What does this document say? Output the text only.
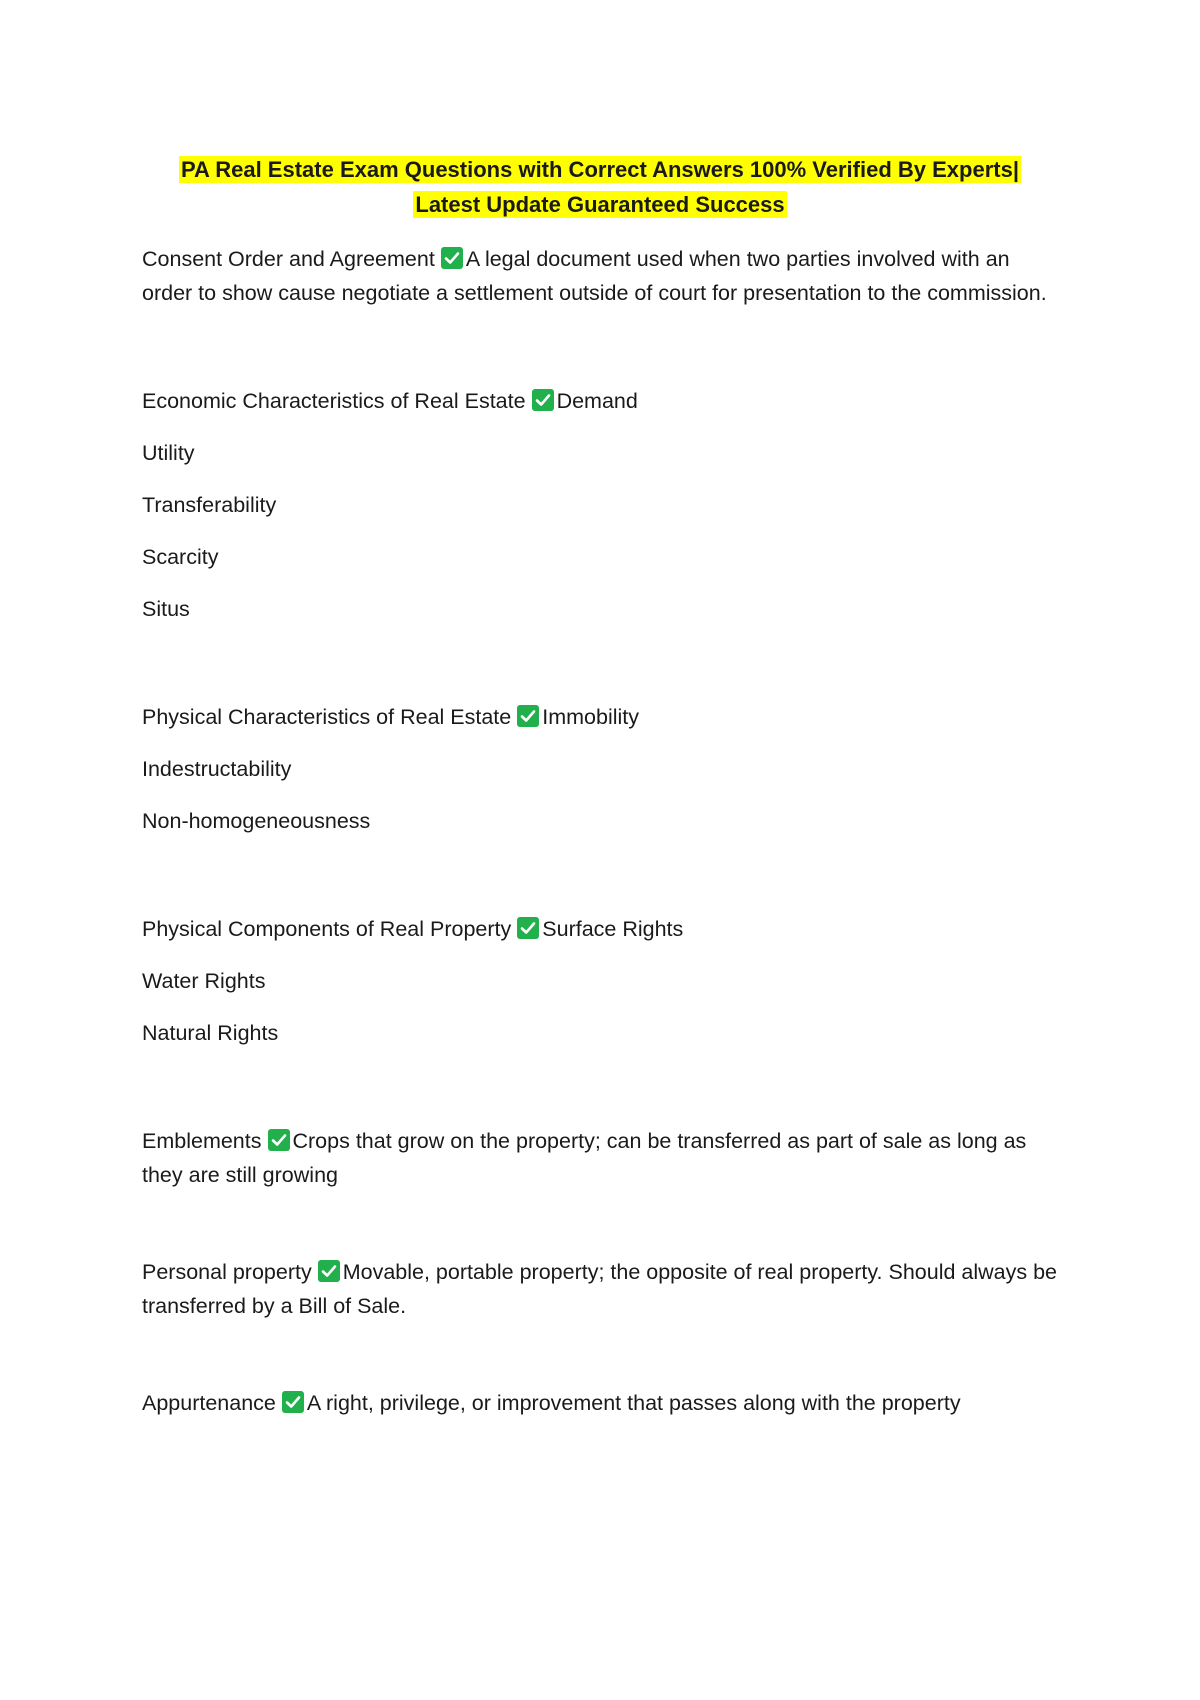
PA Real Estate Exam Questions with Correct Answers 100% Verified By Experts| Latest Update Guaranteed Success

Consent Order and Agreement A legal document used when two parties involved with an order to show cause negotiate a settlement outside of court for presentation to the commission.

Economic Characteristics of Real Estate Demand

Utility

Transferability

Scarcity

Situs

Physical Characteristics of Real Estate Immobility

Indestructability

Non-homogeneousness

Physical Components of Real Property Surface Rights

Water Rights

Natural Rights

Emblements Crops that grow on the property; can be transferred as part of sale as long as they are still growing

Personal property Movable, portable property; the opposite of real property. Should always be transferred by a Bill of Sale.

Appurtenance A right, privilege, or improvement that passes along with the property
